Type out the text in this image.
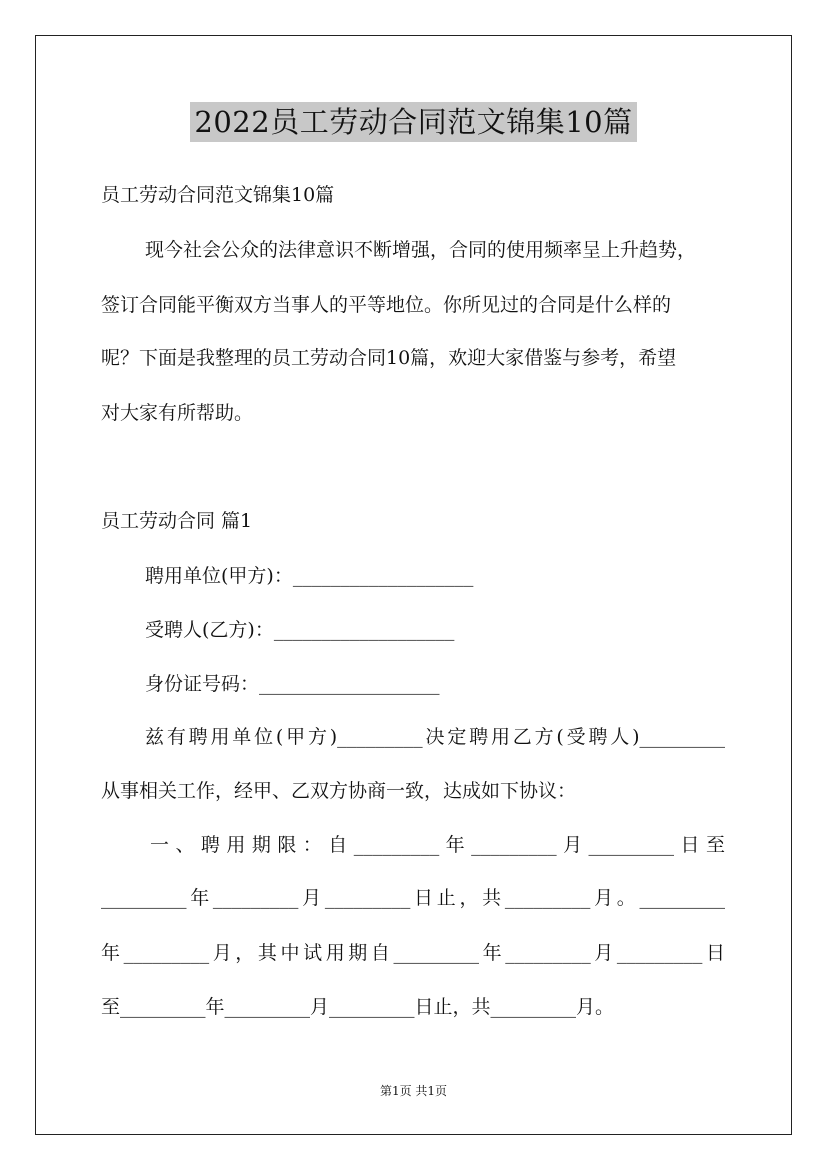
2022员工劳动合同范文锦集10篇
员工劳动合同范文锦集10篇
现今社会公众的法律意识不断增强，合同的使用频率呈上升趋势，
签订合同能平衡双方当事人的平等地位。你所见过的合同是什么样的
呢？下面是我整理的员工劳动合同10篇，欢迎大家借鉴与参考，希望
对大家有所帮助。
员工劳动合同 篇1
聘用单位(甲方)：___________________
受聘人(乙方)：___________________
身份证号码：___________________
兹有聘用单位(甲方)_________决定聘用乙方(受聘人)_________
从事相关工作，经甲、乙双方协商一致，达成如下协议：
一、聘用期限：自_________年_________月_________日至
_________年_________月_________日止，共_________月。_________
年_________月，其中试用期自_________年_________月_________日
至_________年_________月_________日止，共_________月。
第1页 共1页
